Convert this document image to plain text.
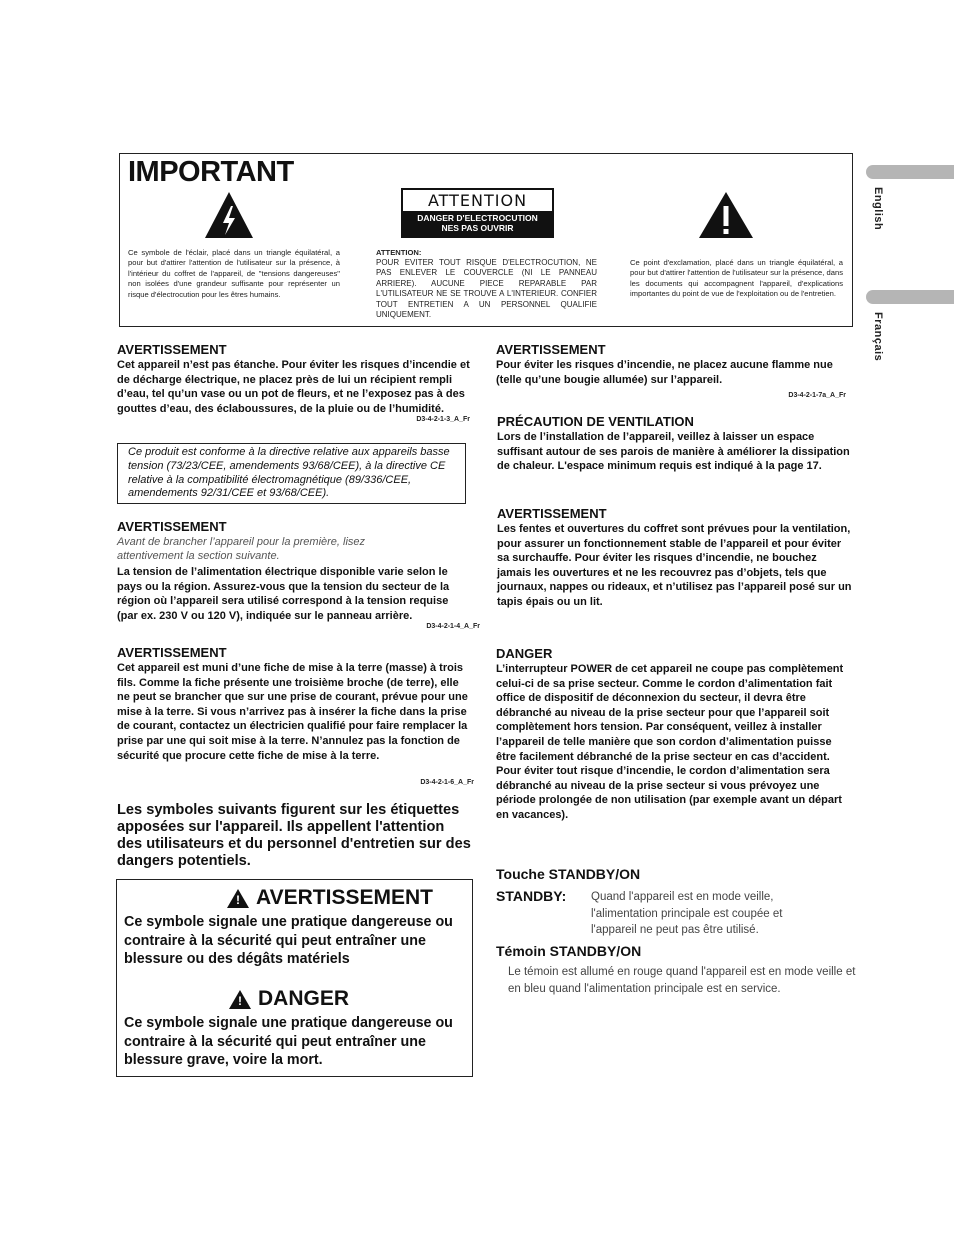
English
Français
IMPORTANT
Ce symbole de l'éclair, placé dans un triangle équilatéral, a pour but d'attirer l'attention de l'utilisateur sur la présence, à l'intérieur du coffret de l'appareil, de "tensions dangereuses" non isolées d'une grandeur suffisante pour représenter un risque d'électrocution pour les êtres humains.
ATTENTION
DANGER D'ELECTROCUTION
NES PAS OUVRIR
ATTENTION:
POUR EVITER TOUT RISQUE D'ELECTROCUTION, NE PAS ENLEVER LE COUVERCLE (NI LE PANNEAU ARRIERE). AUCUNE PIECE REPARABLE PAR L'UTILISATEUR NE SE TROUVE A L'INTERIEUR. CONFIER TOUT ENTRETIEN A UN PERSONNEL QUALIFIE UNIQUEMENT.
Ce point d'exclamation, placé dans un triangle équilatéral, a pour but d'attirer l'attention de l'utilisateur sur la présence, dans les documents qui accompagnent l'appareil, d'explications importantes du point de vue de l'exploitation ou de l'entretien.
AVERTISSEMENT
Cet appareil n’est pas étanche. Pour éviter les risques d’incendie et de décharge électrique, ne placez près de lui un récipient rempli d’eau, tel qu’un vase ou un pot de fleurs, et ne l’exposez pas à des gouttes d’eau, des éclaboussures, de la pluie ou de l’humidité.
D3-4-2-1-3_A_Fr
Ce produit est conforme à la directive relative aux appareils basse tension (73/23/CEE, amendements 93/68/CEE), à la directive CE relative à la compatibilité électromagnétique (89/336/CEE, amendements 92/31/CEE et 93/68/CEE).
AVERTISSEMENT
Avant de brancher l’appareil pour la première, lisez attentivement la section suivante.
La tension de l’alimentation électrique disponible varie selon le pays ou la région. Assurez-vous que la tension du secteur de la région où l’appareil sera utilisé correspond à la tension requise (par ex. 230 V ou 120 V), indiquée sur le panneau arrière.
D3-4-2-1-4_A_Fr
AVERTISSEMENT
Cet appareil est muni d’une fiche de mise à la terre (masse) à trois fils. Comme la fiche présente une troisième broche (de terre), elle ne peut se brancher que sur une prise de courant, prévue pour une mise à la terre. Si vous n’arrivez pas à insérer la fiche dans la prise de courant, contactez un électricien qualifié pour faire remplacer la prise par une qui soit mise à la terre. N’annulez pas la fonction de sécurité que procure cette fiche de mise à la terre.
D3-4-2-1-6_A_Fr
Les symboles suivants figurent sur les étiquettes apposées sur l'appareil. Ils appellent l'attention des utilisateurs et du personnel d'entretien sur des dangers potentiels.
! AVERTISSEMENT
Ce symbole signale une pratique dangereuse ou contraire à la sécurité qui peut entraîner une blessure ou des dégâts matériels
! DANGER
Ce symbole signale une pratique dangereuse ou contraire à la sécurité qui peut entraîner une blessure grave, voire la mort.
AVERTISSEMENT
Pour éviter les risques d’incendie, ne placez aucune flamme nue (telle qu’une bougie allumée) sur l’appareil.
D3-4-2-1-7a_A_Fr
PRÉCAUTION DE VENTILATION
Lors de l’installation de l’appareil, veillez à laisser un espace suffisant autour de ses parois de manière à améliorer la dissipation de chaleur. L'espace minimum requis est indiqué à la page 17.
AVERTISSEMENT
Les fentes et ouvertures du coffret sont prévues pour la ventilation, pour assurer un fonctionnement stable de l’appareil et pour éviter sa surchauffe. Pour éviter les risques d’incendie, ne bouchez jamais les ouvertures et ne les recouvrez pas d’objets, tels que journaux, nappes ou rideaux, et n’utilisez pas l’appareil posé sur un tapis épais ou un lit.
DANGER
L’interrupteur POWER de cet appareil ne coupe pas complètement celui-ci de sa prise secteur. Comme le cordon d’alimentation fait office de dispositif de déconnexion du secteur, il devra être débranché au niveau de la prise secteur pour que l’appareil soit complètement hors tension. Par conséquent, veillez à installer l’appareil de telle manière que son cordon d’alimentation puisse être facilement débranché de la prise secteur en cas d’accident. Pour éviter tout risque d’incendie, le cordon d’alimentation sera débranché au niveau de la prise secteur si vous prévoyez une période prolongée de non utilisation (par exemple avant un départ en vacances).
Touche STANDBY/ON
STANDBY: Quand l'appareil est en mode veille, l'alimentation principale est coupée et l'appareil ne peut pas être utilisé.
Témoin STANDBY/ON
Le témoin est allumé en rouge quand l'appareil est en mode veille et en bleu quand l'alimentation principale est en service.
